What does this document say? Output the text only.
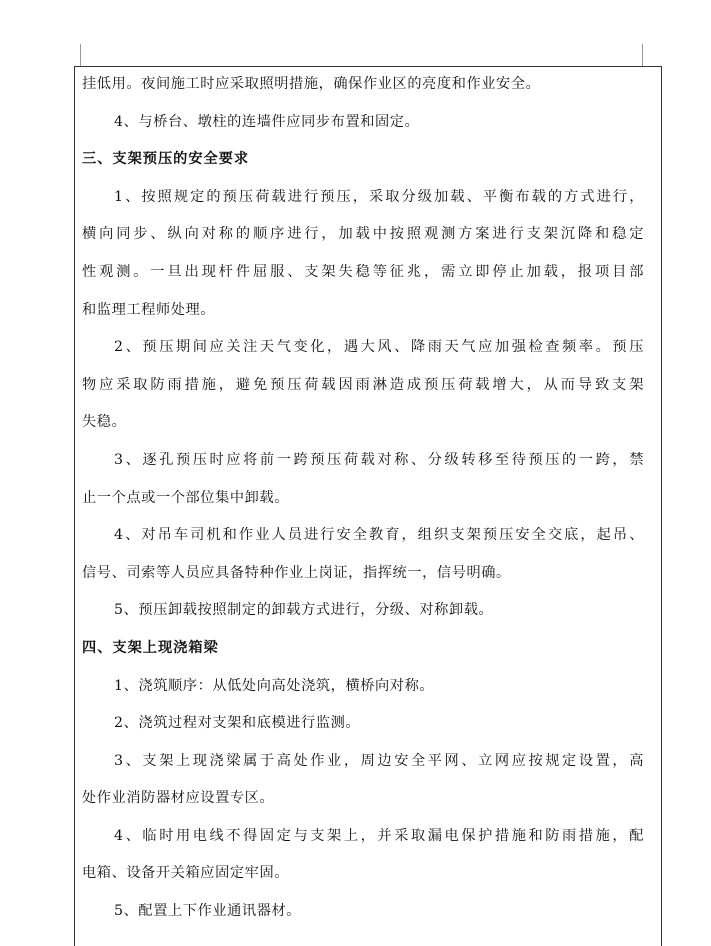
挂低用。夜间施工时应采取照明措施，确保作业区的亮度和作业安全。
4、与桥台、墩柱的连墙件应同步布置和固定。
三、支架预压的安全要求
1、按照规定的预压荷载进行预压，采取分级加载、平衡布载的方式进行，
横向同步、纵向对称的顺序进行，加载中按照观测方案进行支架沉降和稳定
性观测。一旦出现杆件屈服、支架失稳等征兆，需立即停止加载，报项目部
和监理工程师处理。
2、预压期间应关注天气变化，遇大风、降雨天气应加强检查频率。预压
物应采取防雨措施，避免预压荷载因雨淋造成预压荷载增大，从而导致支架
失稳。
3、逐孔预压时应将前一跨预压荷载对称、分级转移至待预压的一跨，禁
止一个点或一个部位集中卸载。
4、对吊车司机和作业人员进行安全教育，组织支架预压安全交底，起吊、
信号、司索等人员应具备特种作业上岗证，指挥统一，信号明确。
5、预压卸载按照制定的卸载方式进行，分级、对称卸载。
四、支架上现浇箱梁
1、浇筑顺序：从低处向高处浇筑，横桥向对称。
2、浇筑过程对支架和底模进行监测。
3、支架上现浇梁属于高处作业，周边安全平网、立网应按规定设置，高
处作业消防器材应设置专区。
4、临时用电线不得固定与支架上，并采取漏电保护措施和防雨措施，配
电箱、设备开关箱应固定牢固。
5、配置上下作业通讯器材。
